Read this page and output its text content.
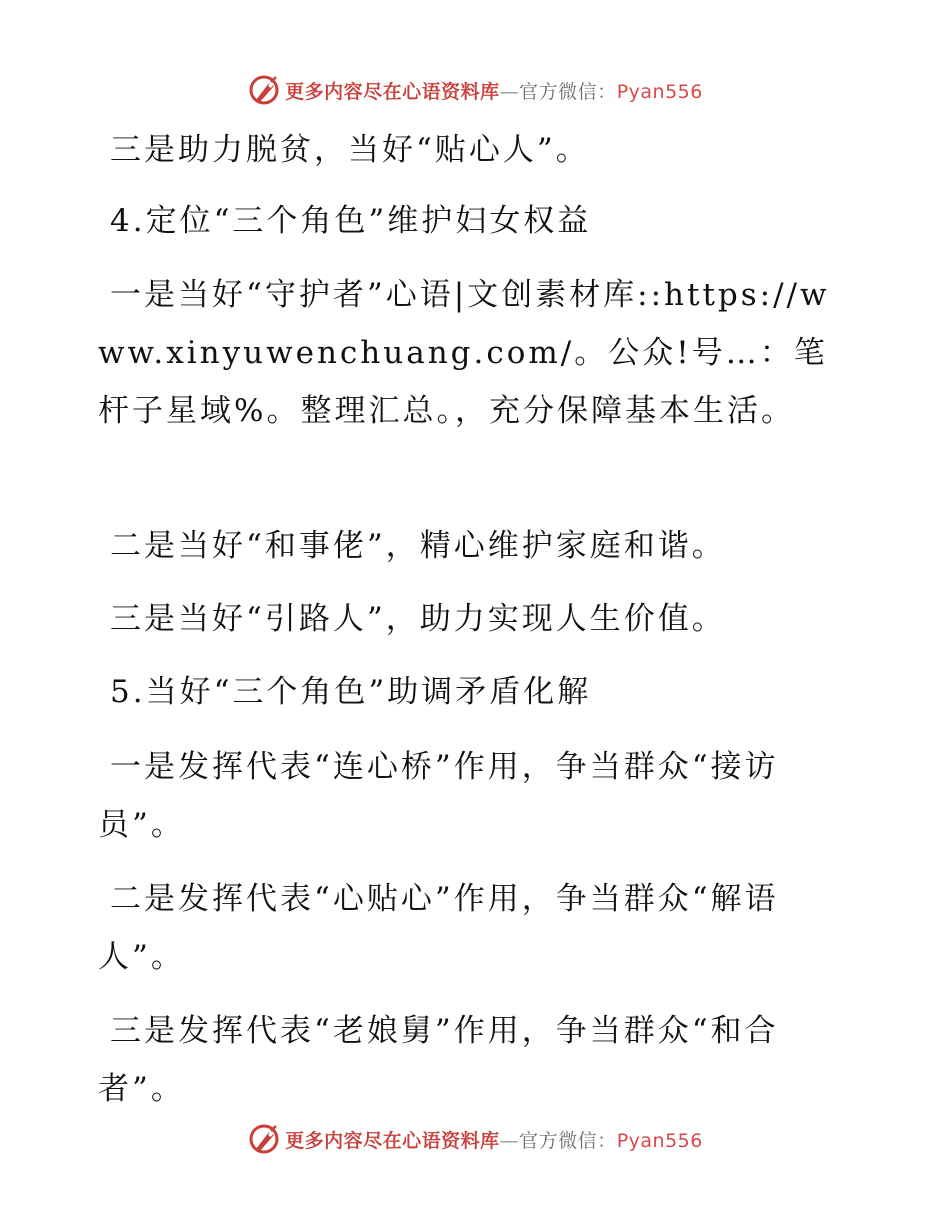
更多内容尽在心语资料库—官方微信：Pyan556

三是助力脱贫，当好“贴心人”。

4.定位“三个角色”维护妇女权益

一是当好“守护者”心语|文创素材库::https://www.xinyuwenchuang.com/。公众!号…：笔杆子星域%。整理汇总。，充分保障基本生活。

二是当好“和事佬”，精心维护家庭和谐。

三是当好“引路人”，助力实现人生价值。

5.当好“三个角色”助调矛盾化解

一是发挥代表“连心桥”作用，争当群众“接访员”。

二是发挥代表“心贴心”作用，争当群众“解语人”。

三是发挥代表“老娘舅”作用，争当群众“和合者”。

更多内容尽在心语资料库—官方微信：Pyan556
